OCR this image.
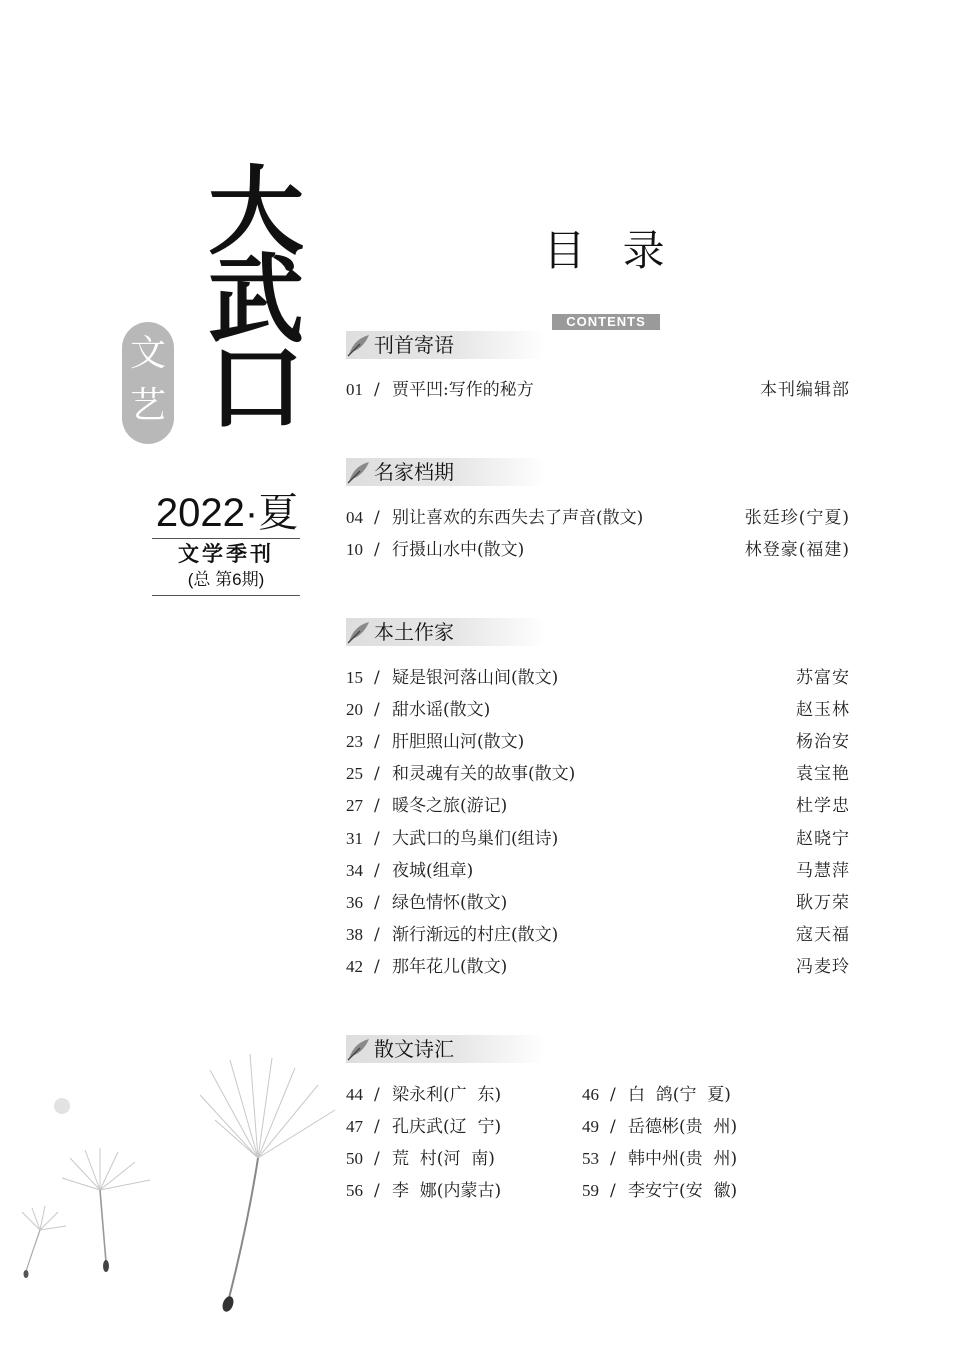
大
武
口
文艺
2022·夏
文学季刊
(总 第6期)
目 录
CONTENTS
刊首寄语
01 / 贾平凹:写作的秘方	本刊编辑部
名家档期
04 / 别让喜欢的东西失去了声音(散文)	张廷珍(宁夏)
10 / 行摄山水中(散文)	林登豪(福建)
本土作家
15 / 疑是银河落山间(散文)	苏富安
20 / 甜水谣(散文)	赵玉林
23 / 肝胆照山河(散文)	杨治安
25 / 和灵魂有关的故事(散文)	袁宝艳
27 / 暖冬之旅(游记)	杜学忠
31 / 大武口的鸟巢们(组诗)	赵晓宁
34 / 夜城(组章)	马慧萍
36 / 绿色情怀(散文)	耿万荣
38 / 渐行渐远的村庄(散文)	寇天福
42 / 那年花儿(散文)	冯麦玲
散文诗汇
44 / 梁永利(广  东)	46 / 白  鸽(宁  夏)
47 / 孔庆武(辽  宁)	49 / 岳德彬(贵  州)
50 / 荒  村(河  南)	53 / 韩中州(贵  州)
56 / 李  娜(内蒙古)	59 / 李安宁(安  徽)
